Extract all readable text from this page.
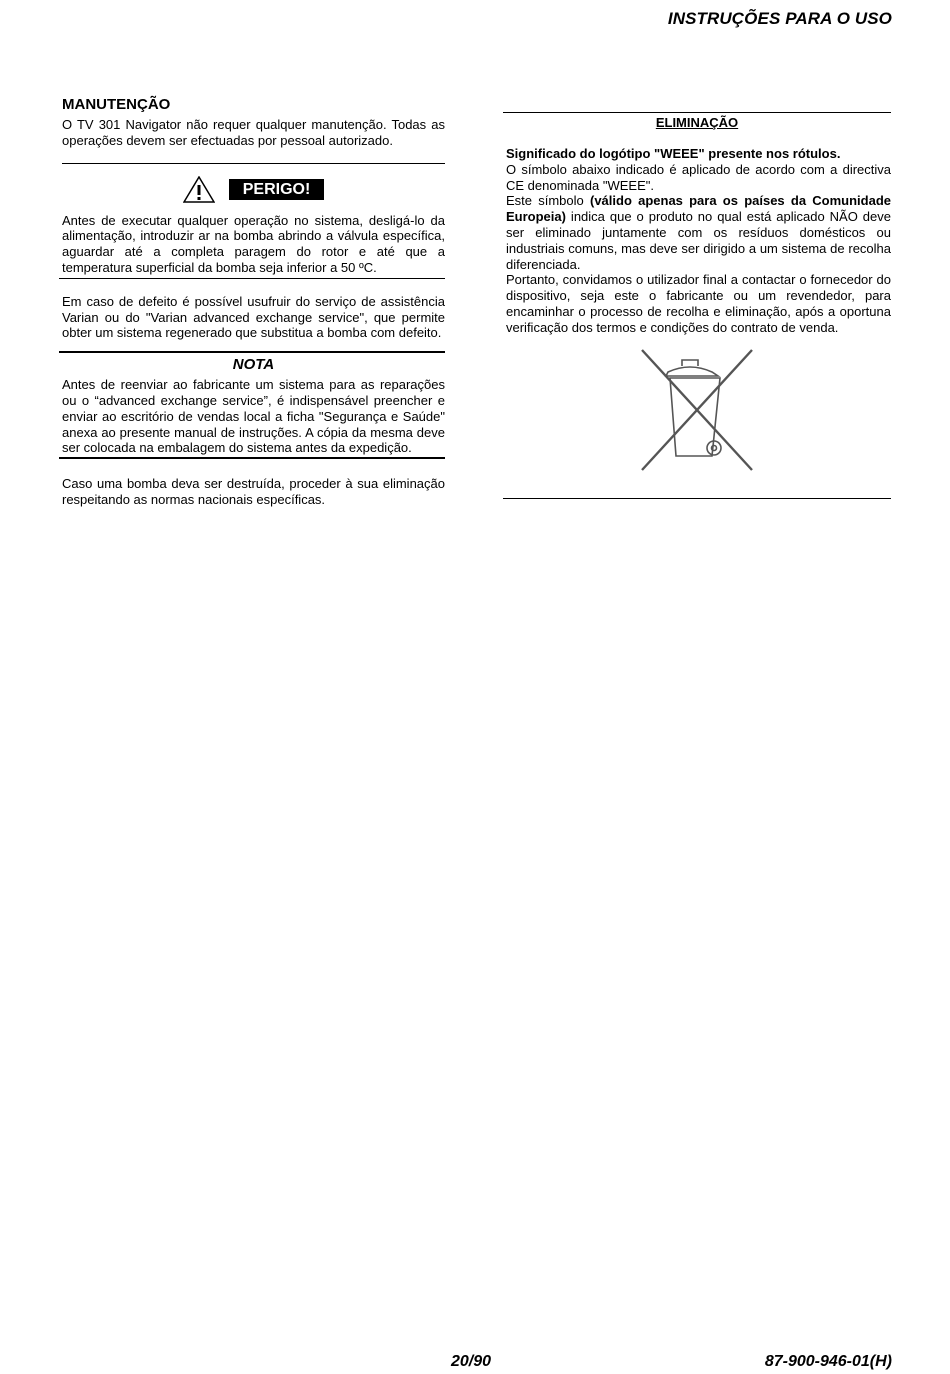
INSTRUÇÕES PARA O USO
MANUTENÇÃO

O TV 301 Navigator não requer qualquer manutenção. Todas as operações devem ser efectuadas por pessoal autorizado.

PERIGO!

Antes de executar qualquer operação no sistema, desligá-lo da alimentação, introduzir ar na bomba abrindo a válvula específica, aguardar até a completa paragem do rotor e até que a temperatura superficial da bomba seja inferior a 50 ºC.

Em caso de defeito é possível usufruir do serviço de assistência Varian ou do "Varian advanced exchange service", que permite obter um sistema regenerado que substitua a bomba com defeito.

NOTA

Antes de reenviar ao fabricante um sistema para as reparações ou o “advanced exchange service”, é indispensável preencher e enviar ao escritório de vendas local a ficha "Segurança e Saúde" anexa ao presente manual de instruções. A cópia da mesma deve ser colocada na embalagem do sistema antes da expedição.

Caso uma bomba deva ser destruída, proceder à sua eliminação respeitando as normas nacionais específicas.

ELIMINAÇÃO

Significado do logótipo "WEEE" presente nos rótulos.

O símbolo abaixo indicado é aplicado de acordo com a directiva CE denominada "WEEE".

Este símbolo (válido apenas para os países da Comunidade Europeia) indica que o produto no qual está aplicado NÃO deve ser eliminado juntamente com os resíduos domésticos ou industriais comuns, mas deve ser dirigido a um sistema de recolha diferenciada.

Portanto, convidamos o utilizador final a contactar o fornecedor do dispositivo, seja este o fabricante ou um revendedor, para encaminhar o processo de recolha e eliminação, após a oportuna verificação dos termos e condições do contrato de venda.

20/90	87-900-946-01(H)
